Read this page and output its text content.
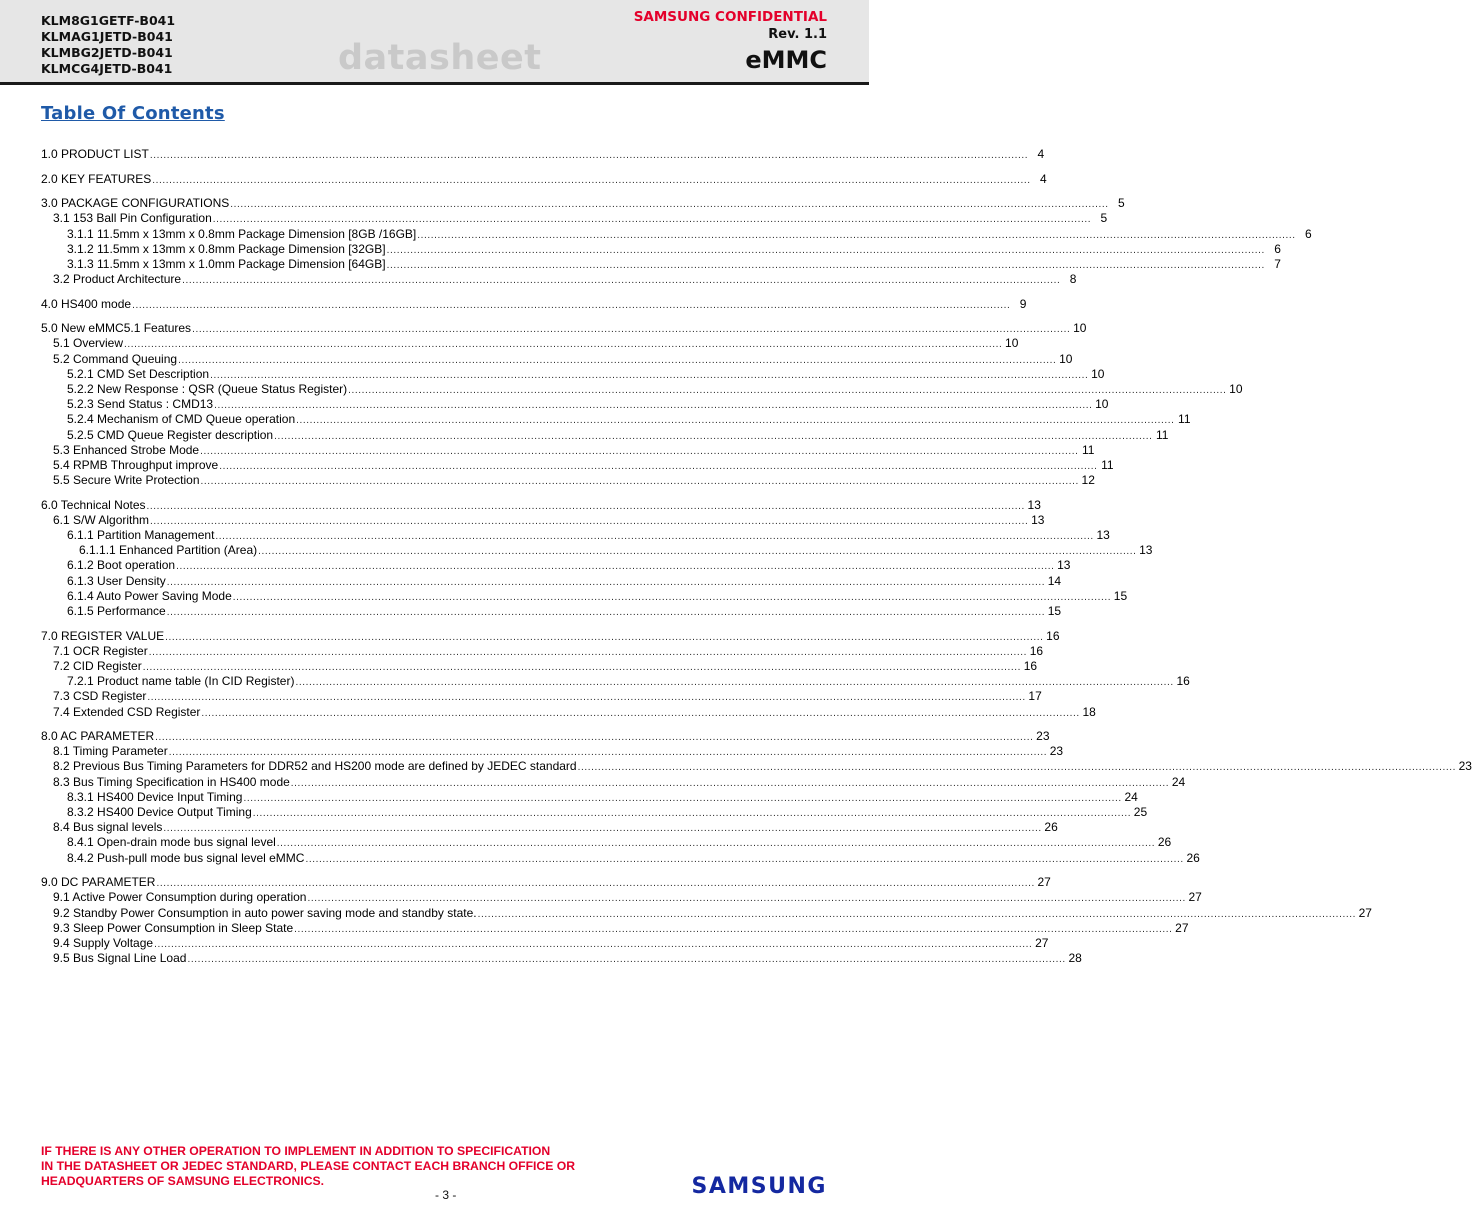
KLM8G1GETF-B041
KLMAG1JETD-B041
KLMBG2JETD-B041
KLMCG4JETD-B041	datasheet
SAMSUNG CONFIDENTIAL
Rev. 1.1
eMMC
Table Of Contents
1.0 PRODUCT LIST .................................................................................................................................................................................................................................................................... 4
2.0 KEY FEATURES .................................................................................................................................................................................................................................................................... 4
3.0 PACKAGE CONFIGURATIONS .................................................................................................................................................................................................................................................................... 5
3.1 153 Ball Pin Configuration .................................................................................................................................................................................................................................................................... 5
3.1.1 11.5mm x 13mm x 0.8mm Package Dimension [8GB /16GB] .................................................................................................................................................................................................................................................................... 6
3.1.2 11.5mm x 13mm x 0.8mm Package Dimension [32GB] .................................................................................................................................................................................................................................................................... 6
3.1.3 11.5mm x 13mm x 1.0mm Package Dimension [64GB] .................................................................................................................................................................................................................................................................... 7
3.2 Product Architecture .................................................................................................................................................................................................................................................................... 8
4.0 HS400 mode .................................................................................................................................................................................................................................................................... 9
5.0 New eMMC5.1 Features .................................................................................................................................................................................................................................................................... 10
5.1 Overview .................................................................................................................................................................................................................................................................... 10
5.2 Command Queuing .................................................................................................................................................................................................................................................................... 10
5.2.1 CMD Set Description .................................................................................................................................................................................................................................................................... 10
5.2.2 New Response : QSR (Queue Status Register) .................................................................................................................................................................................................................................................................... 10
5.2.3 Send Status : CMD13 .................................................................................................................................................................................................................................................................... 10
5.2.4 Mechanism of CMD Queue operation .................................................................................................................................................................................................................................................................... 11
5.2.5 CMD Queue Register description .................................................................................................................................................................................................................................................................... 11
5.3 Enhanced Strobe Mode .................................................................................................................................................................................................................................................................... 11
5.4 RPMB Throughput improve .................................................................................................................................................................................................................................................................... 11
5.5 Secure Write Protection .................................................................................................................................................................................................................................................................... 12
6.0 Technical Notes .................................................................................................................................................................................................................................................................... 13
6.1 S/W Algorithm .................................................................................................................................................................................................................................................................... 13
6.1.1 Partition Management .................................................................................................................................................................................................................................................................... 13
6.1.1.1 Enhanced Partition (Area) .................................................................................................................................................................................................................................................................... 13
6.1.2 Boot operation .................................................................................................................................................................................................................................................................... 13
6.1.3 User Density .................................................................................................................................................................................................................................................................... 14
6.1.4 Auto Power Saving Mode .................................................................................................................................................................................................................................................................... 15
6.1.5 Performance .................................................................................................................................................................................................................................................................... 15
7.0 REGISTER VALUE .................................................................................................................................................................................................................................................................... 16
7.1 OCR Register .................................................................................................................................................................................................................................................................... 16
7.2 CID Register .................................................................................................................................................................................................................................................................... 16
7.2.1 Product name table (In CID Register) .................................................................................................................................................................................................................................................................... 16
7.3 CSD Register .................................................................................................................................................................................................................................................................... 17
7.4 Extended CSD Register .................................................................................................................................................................................................................................................................... 18
8.0 AC PARAMETER .................................................................................................................................................................................................................................................................... 23
8.1 Timing Parameter .................................................................................................................................................................................................................................................................... 23
8.2 Previous Bus Timing Parameters for DDR52 and HS200 mode are defined by JEDEC standard .................................................................................................................................................................................................................................................................... 23
8.3 Bus Timing Specification in HS400 mode .................................................................................................................................................................................................................................................................... 24
8.3.1 HS400 Device Input Timing .................................................................................................................................................................................................................................................................... 24
8.3.2 HS400 Device Output Timing .................................................................................................................................................................................................................................................................... 25
8.4 Bus signal levels .................................................................................................................................................................................................................................................................... 26
8.4.1 Open-drain mode bus signal level .................................................................................................................................................................................................................................................................... 26
8.4.2 Push-pull mode bus signal level eMMC .................................................................................................................................................................................................................................................................... 26
9.0 DC PARAMETER .................................................................................................................................................................................................................................................................... 27
9.1 Active Power Consumption during operation .................................................................................................................................................................................................................................................................... 27
9.2 Standby Power Consumption in auto power saving mode and standby state. .................................................................................................................................................................................................................................................................... 27
9.3 Sleep Power Consumption in Sleep State .................................................................................................................................................................................................................................................................... 27
9.4 Supply Voltage .................................................................................................................................................................................................................................................................... 27
9.5 Bus Signal Line Load .................................................................................................................................................................................................................................................................... 28
IF THERE IS ANY OTHER OPERATION TO IMPLEMENT IN ADDITION TO SPECIFICATION
IN THE DATASHEET OR JEDEC STANDARD, PLEASE CONTACT EACH BRANCH OFFICE OR
HEADQUARTERS OF SAMSUNG ELECTRONICS.
- 3 -	SAMSUNG
